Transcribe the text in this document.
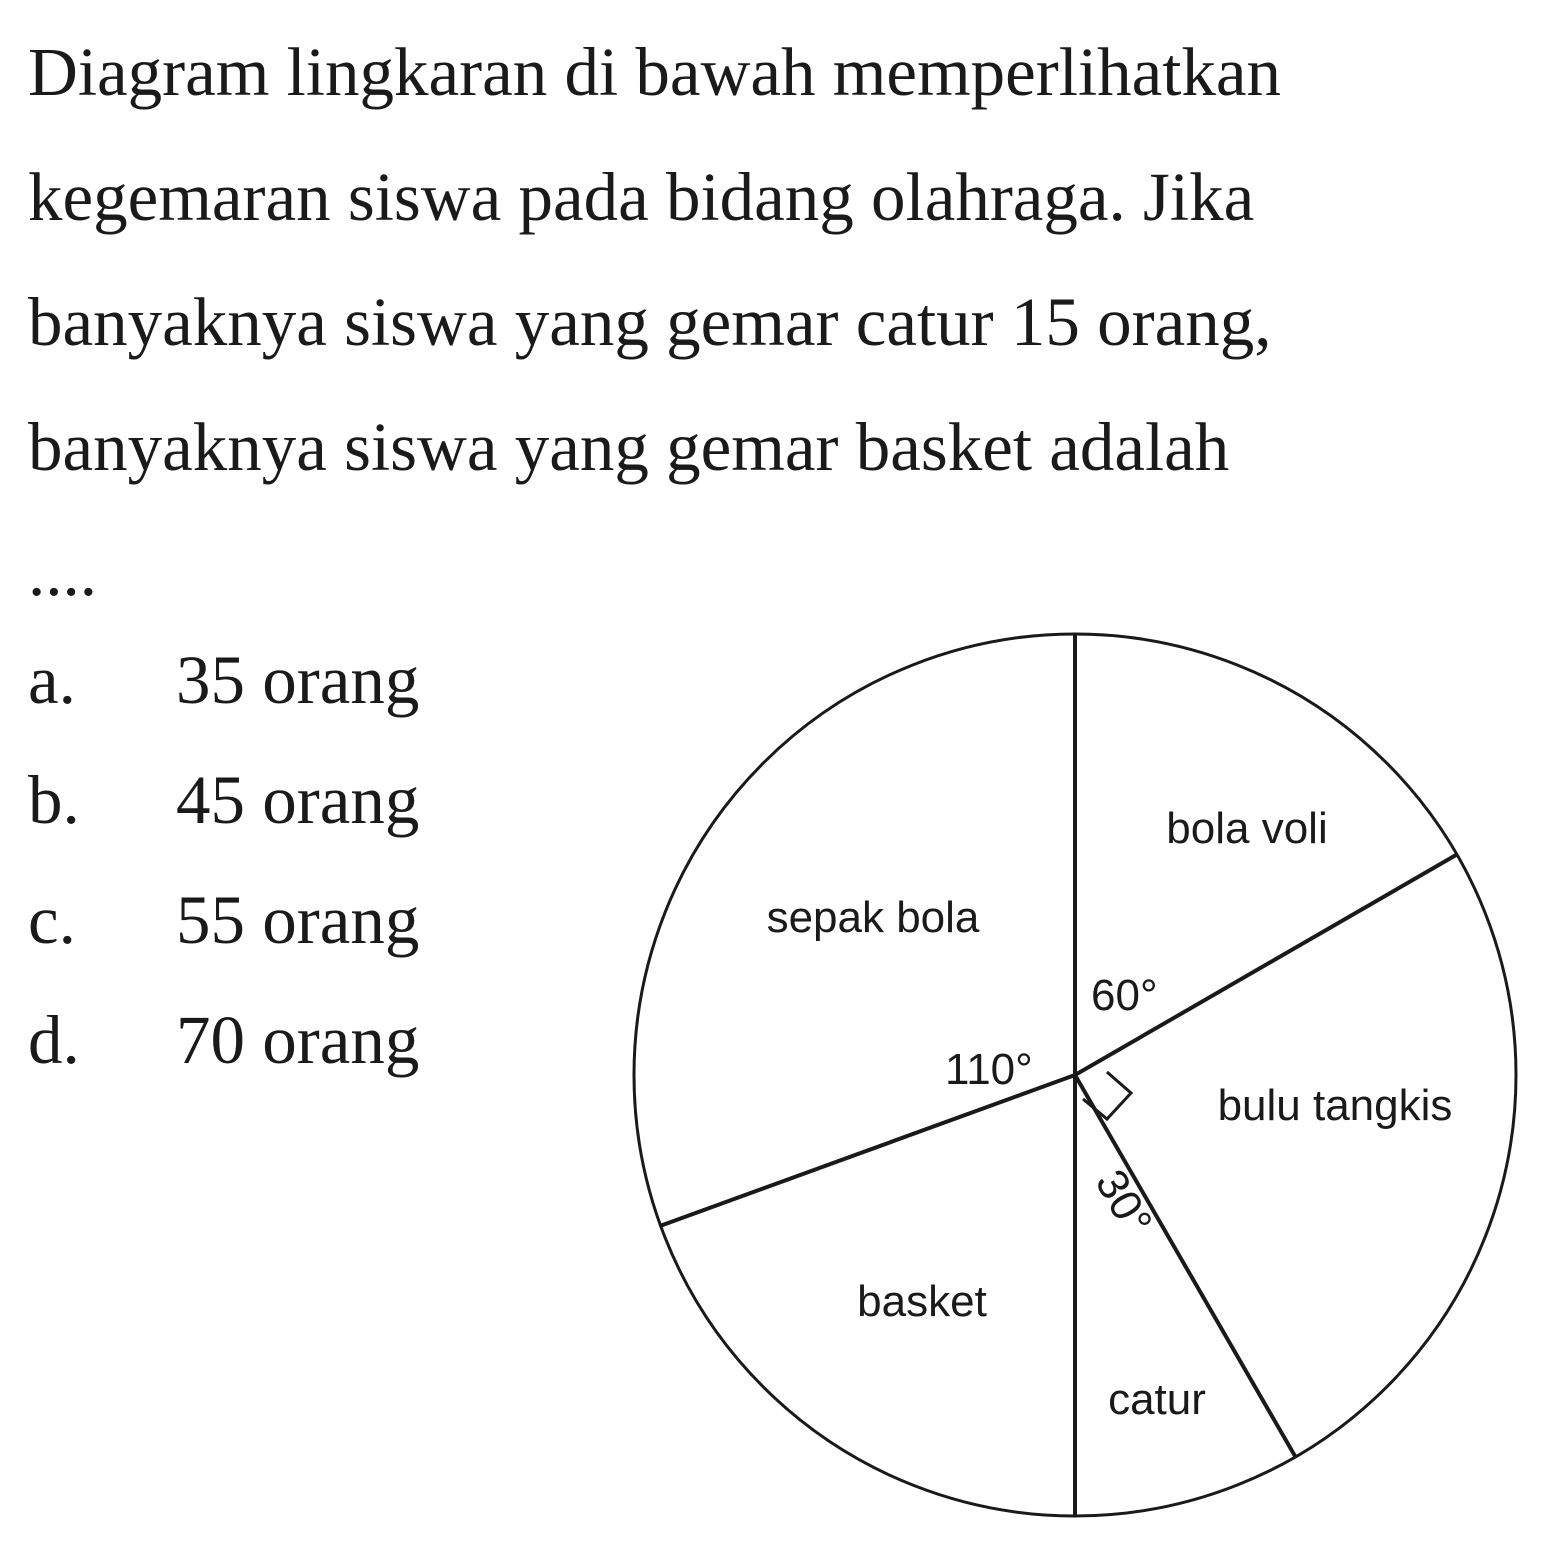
Diagram lingkaran di bawah memperlihatkan
kegemaran siswa pada bidang olahraga. Jika
banyaknya siswa yang gemar catur 15 orang,
banyaknya siswa yang gemar basket adalah
....
a. 35 orang
b. 45 orang
c. 55 orang
d. 70 orang
bola voli
bulu tangkis
catur
basket
sepak bola
60°
110°
30°
